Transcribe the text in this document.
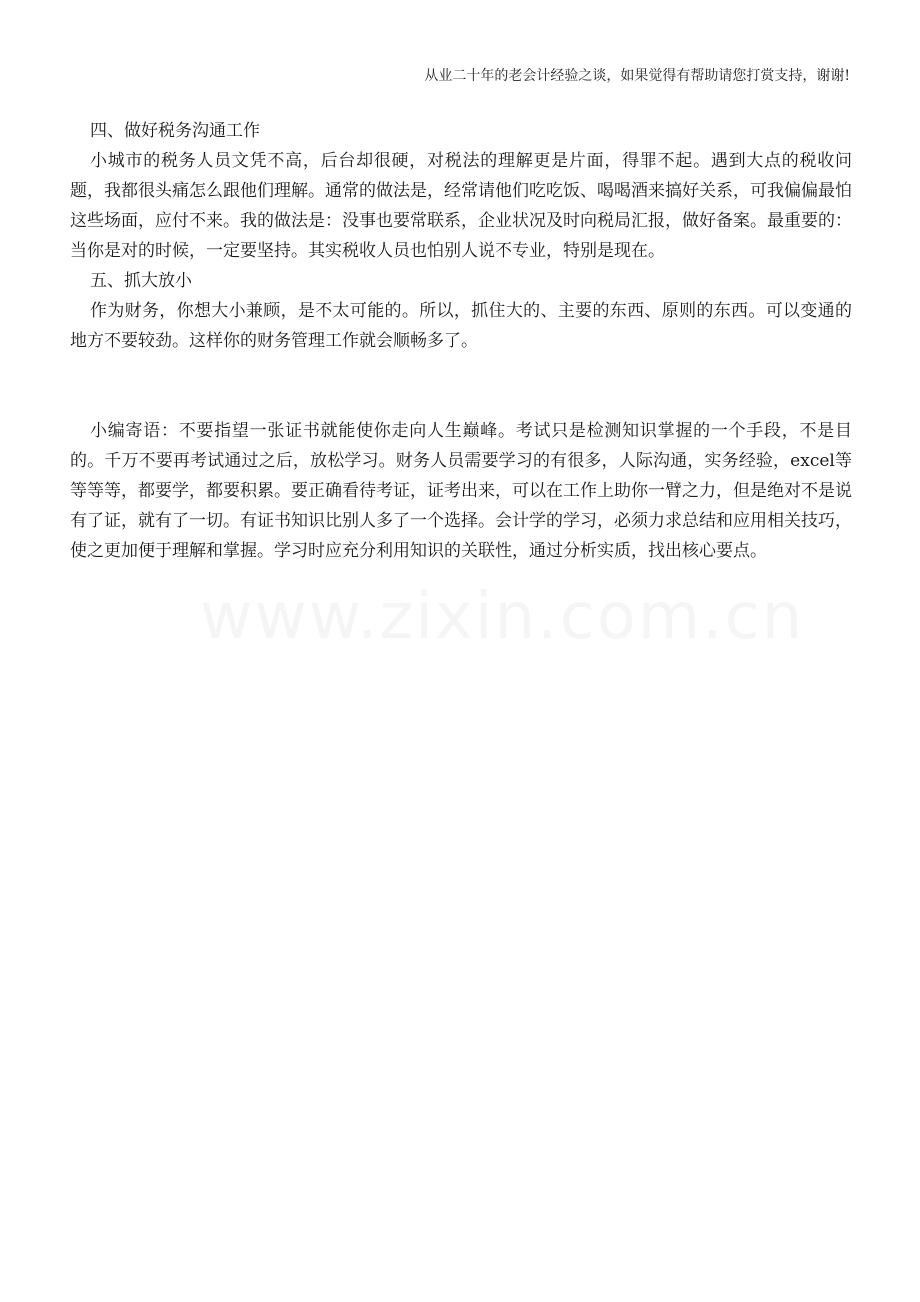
从业二十年的老会计经验之谈，如果觉得有帮助请您打赏支持，谢谢!

四、做好税务沟通工作

小城市的税务人员文凭不高，后台却很硬，对税法的理解更是片面，得罪不起。遇到大点的税收问题，我都很头痛怎么跟他们理解。通常的做法是，经常请他们吃吃饭、喝喝酒来搞好关系，可我偏偏最怕这些场面，应付不来。我的做法是：没事也要常联系，企业状况及时向税局汇报，做好备案。最重要的：当你是对的时候，一定要坚持。其实税收人员也怕别人说不专业，特别是现在。

五、抓大放小

作为财务，你想大小兼顾，是不太可能的。所以，抓住大的、主要的东西、原则的东西。可以变通的地方不要较劲。这样你的财务管理工作就会顺畅多了。

小编寄语：不要指望一张证书就能使你走向人生巅峰。考试只是检测知识掌握的一个手段，不是目的。千万不要再考试通过之后，放松学习。财务人员需要学习的有很多，人际沟通，实务经验，excel等等等等，都要学，都要积累。要正确看待考证，证考出来，可以在工作上助你一臂之力，但是绝对不是说有了证，就有了一切。有证书知识比别人多了一个选择。会计学的学习，必须力求总结和应用相关技巧，使之更加便于理解和掌握。学习时应充分利用知识的关联性，通过分析实质，找出核心要点。
